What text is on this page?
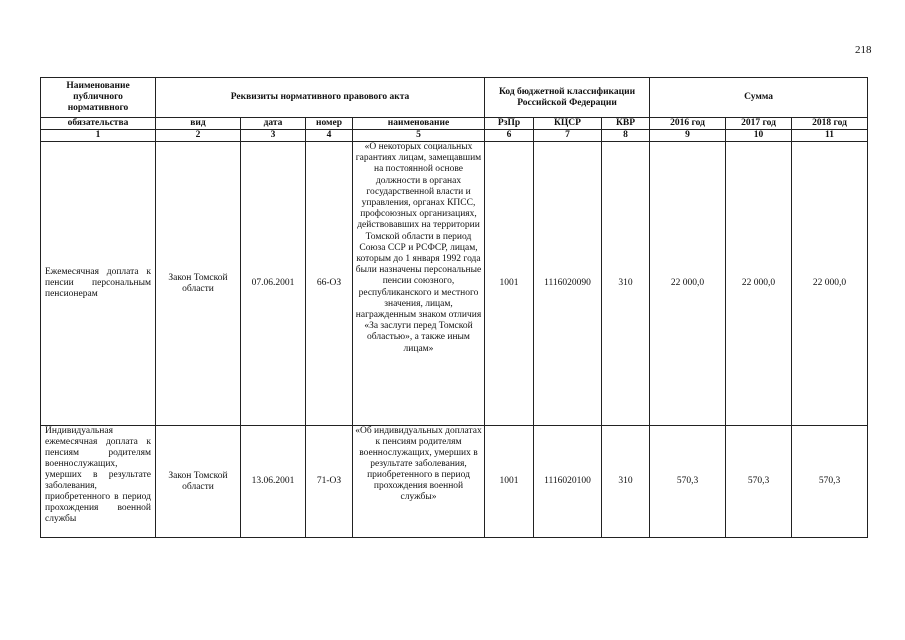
218
Наименование публичного нормативного	Реквизиты нормативного правового акта				Код бюджетной классификации Российской Федерации			Сумма		
обязательства	вид	дата	номер	наименование	РзПр	КЦСР	КВР	2016 год	2017 год	2018 год
1	2	3	4	5	6	7	8	9	10	11
Ежемесячная доплата к пенсии персональным пенсионерам	Закон Томской области	07.06.2001	66-ОЗ	«О некоторых социальных гарантиях лицам, замещавшим на постоянной основе должности в органах государственной власти и управления, органах КПСС, профсоюзных организациях, действовавших на территории Томской области в период Союза ССР и РСФСР, лицам, которым до 1 января 1992 года были назначены персональные пенсии союзного, республиканского и местного значения, лицам, награжденным знаком отличия «За заслуги перед Томской областью», а также иным лицам»	1001	1116020090	310	22 000,0	22 000,0	22 000,0
Индивидуальная ежемесячная доплата к пенсиям родителям военнослужащих, умерших в результате заболевания, приобретенного в период прохождения военной службы	Закон Томской области	13.06.2001	71-ОЗ	«Об индивидуальных доплатах к пенсиям родителям военнослужащих, умерших в результате заболевания, приобретенного в период прохождения военной службы»	1001	1116020100	310	570,3	570,3	570,3
